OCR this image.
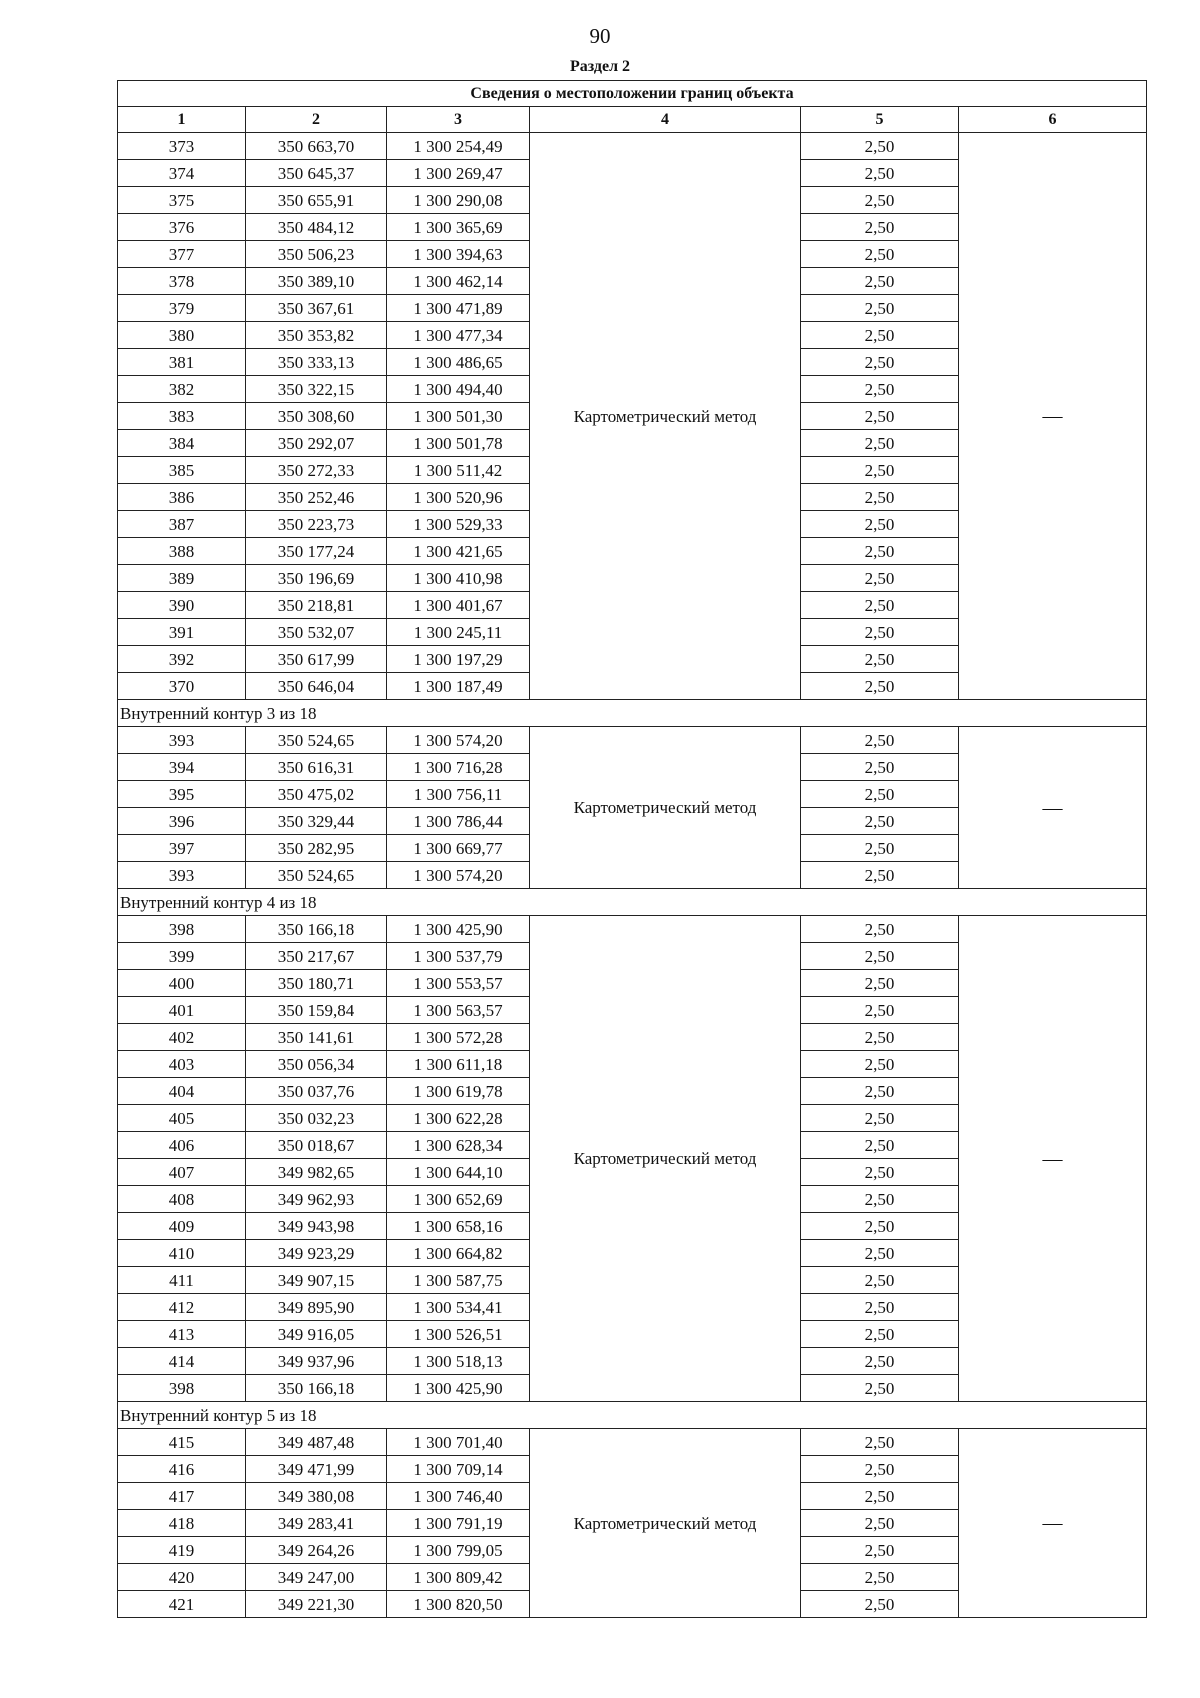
90
Раздел 2
Сведения о местоположении границ объекта					
1	2	3	4	5	6
373	350 663,70	1 300 254,49	Картометрический метод	2,50	—
374	350 645,37	1 300 269,47		2,50	
375	350 655,91	1 300 290,08		2,50	
376	350 484,12	1 300 365,69		2,50	
377	350 506,23	1 300 394,63		2,50	
378	350 389,10	1 300 462,14		2,50	
379	350 367,61	1 300 471,89		2,50	
380	350 353,82	1 300 477,34		2,50	
381	350 333,13	1 300 486,65		2,50	
382	350 322,15	1 300 494,40		2,50	
383	350 308,60	1 300 501,30		2,50	
384	350 292,07	1 300 501,78		2,50	
385	350 272,33	1 300 511,42		2,50	
386	350 252,46	1 300 520,96		2,50	
387	350 223,73	1 300 529,33		2,50	
388	350 177,24	1 300 421,65		2,50	
389	350 196,69	1 300 410,98		2,50	
390	350 218,81	1 300 401,67		2,50	
391	350 532,07	1 300 245,11		2,50	
392	350 617,99	1 300 197,29		2,50	
370	350 646,04	1 300 187,49		2,50	
Внутренний контур 3 из 18					
393	350 524,65	1 300 574,20	Картометрический метод	2,50	—
394	350 616,31	1 300 716,28		2,50	
395	350 475,02	1 300 756,11		2,50	
396	350 329,44	1 300 786,44		2,50	
397	350 282,95	1 300 669,77		2,50	
393	350 524,65	1 300 574,20		2,50	
Внутренний контур 4 из 18					
398	350 166,18	1 300 425,90	Картометрический метод	2,50	—
399	350 217,67	1 300 537,79		2,50	
400	350 180,71	1 300 553,57		2,50	
401	350 159,84	1 300 563,57		2,50	
402	350 141,61	1 300 572,28		2,50	
403	350 056,34	1 300 611,18		2,50	
404	350 037,76	1 300 619,78		2,50	
405	350 032,23	1 300 622,28		2,50	
406	350 018,67	1 300 628,34		2,50	
407	349 982,65	1 300 644,10		2,50	
408	349 962,93	1 300 652,69		2,50	
409	349 943,98	1 300 658,16		2,50	
410	349 923,29	1 300 664,82		2,50	
411	349 907,15	1 300 587,75		2,50	
412	349 895,90	1 300 534,41		2,50	
413	349 916,05	1 300 526,51		2,50	
414	349 937,96	1 300 518,13		2,50	
398	350 166,18	1 300 425,90		2,50	
Внутренний контур 5 из 18					
415	349 487,48	1 300 701,40	Картометрический метод	2,50	—
416	349 471,99	1 300 709,14		2,50	
417	349 380,08	1 300 746,40		2,50	
418	349 283,41	1 300 791,19		2,50	
419	349 264,26	1 300 799,05		2,50	
420	349 247,00	1 300 809,42		2,50	
421	349 221,30	1 300 820,50		2,50	
